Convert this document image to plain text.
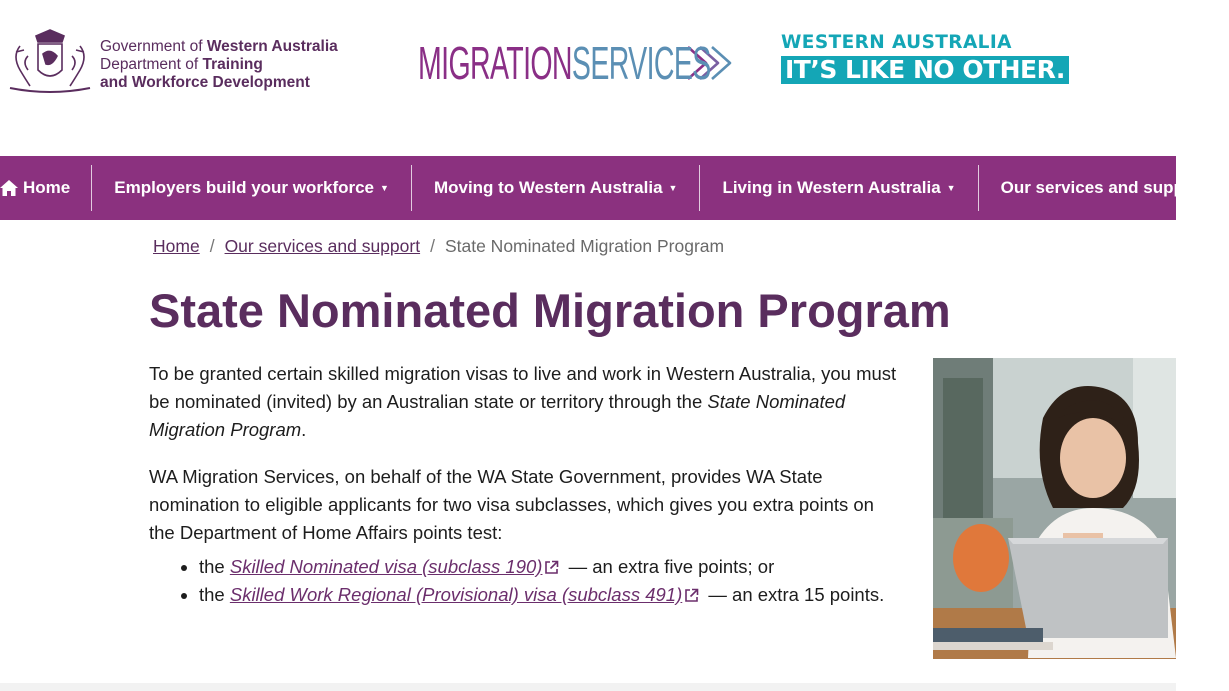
Government of Western Australia
Department of Training
and Workforce Development	MIGRATIONSERVICES	WESTERN AUSTRALIA
IT’S LIKE NO OTHER.
Home	Employers build your workforce ▼	Moving to Western Australia ▼	Living in Western Australia ▼	Our services and support
Home / Our services and support / State Nominated Migration Program
State Nominated Migration Program

To be granted certain skilled migration visas to live and work in Western Australia, you must be nominated (invited) by an Australian state or territory through the State Nominated Migration Program.

WA Migration Services, on behalf of the WA State Government, provides WA State nomination to eligible applicants for two visa subclasses, which gives you extra points on the Department of Home Affairs points test:

• the Skilled Nominated visa (subclass 190) — an extra five points; or
• the Skilled Work Regional (Provisional) visa (subclass 491) — an extra 15 points.
